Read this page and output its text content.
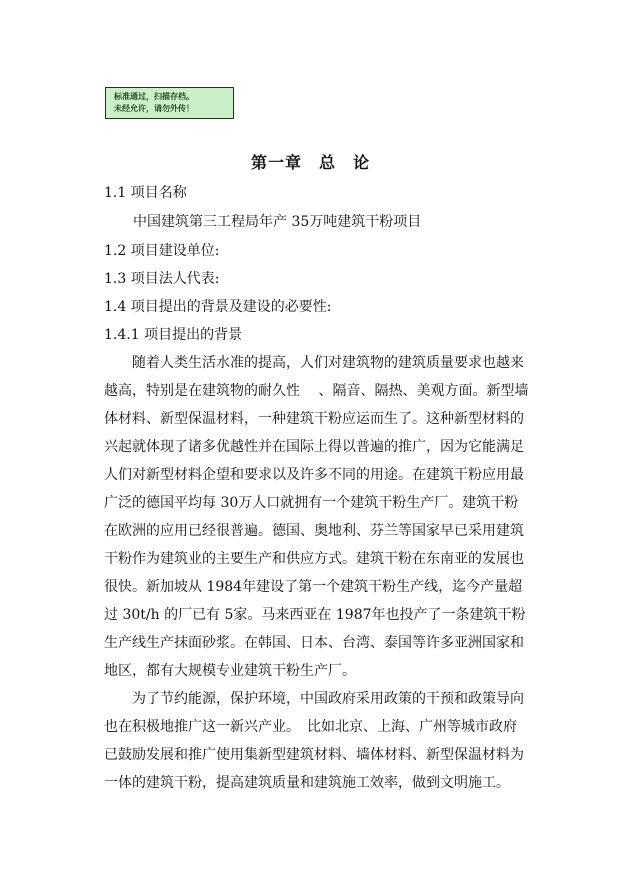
标准通过，扫描存档。
未经允许，请勿外传！
第一章　总　论
1.1 项目名称
中国建筑第三工程局年产 35万吨建筑干粉项目
1.2 项目建设单位:
1.3 项目法人代表:
1.4 项目提出的背景及建设的必要性:
1.4.1 项目提出的背景
　　随着人类生活水准的提高，人们对建筑物的建筑质量要求也越来
越高，特别是在建筑物的耐久性　 、隔音、隔热、美观方面。新型墙
体材料、新型保温材料，一种建筑干粉应运而生了。这种新型材料的
兴起就体现了诸多优越性并在国际上得以普遍的推广，因为它能满足
人们对新型材料企望和要求以及许多不同的用途。在建筑干粉应用最
广泛的德国平均每 30万人口就拥有一个建筑干粉生产厂。建筑干粉
在欧洲的应用已经很普遍。德国、奥地利、芬兰等国家早已采用建筑
干粉作为建筑业的主要生产和供应方式。建筑干粉在东南亚的发展也
很快。新加坡从 1984年建设了第一个建筑干粉生产线，迄今产量超
过 30t/h 的厂已有 5家。马来西亚在 1987年也投产了一条建筑干粉
生产线生产抹面砂浆。在韩国、日本、台湾、泰国等许多亚洲国家和
地区，都有大规模专业建筑干粉生产厂。
　　为了节约能源，保护环境，中国政府采用政策的干预和政策导向
也在积极地推广这一新兴产业。　比如北京、上海、广州等城市政府
已鼓励发展和推广使用集新型建筑材料、墙体材料、新型保温材料为
一体的建筑干粉，提高建筑质量和建筑施工效率，做到文明施工。
